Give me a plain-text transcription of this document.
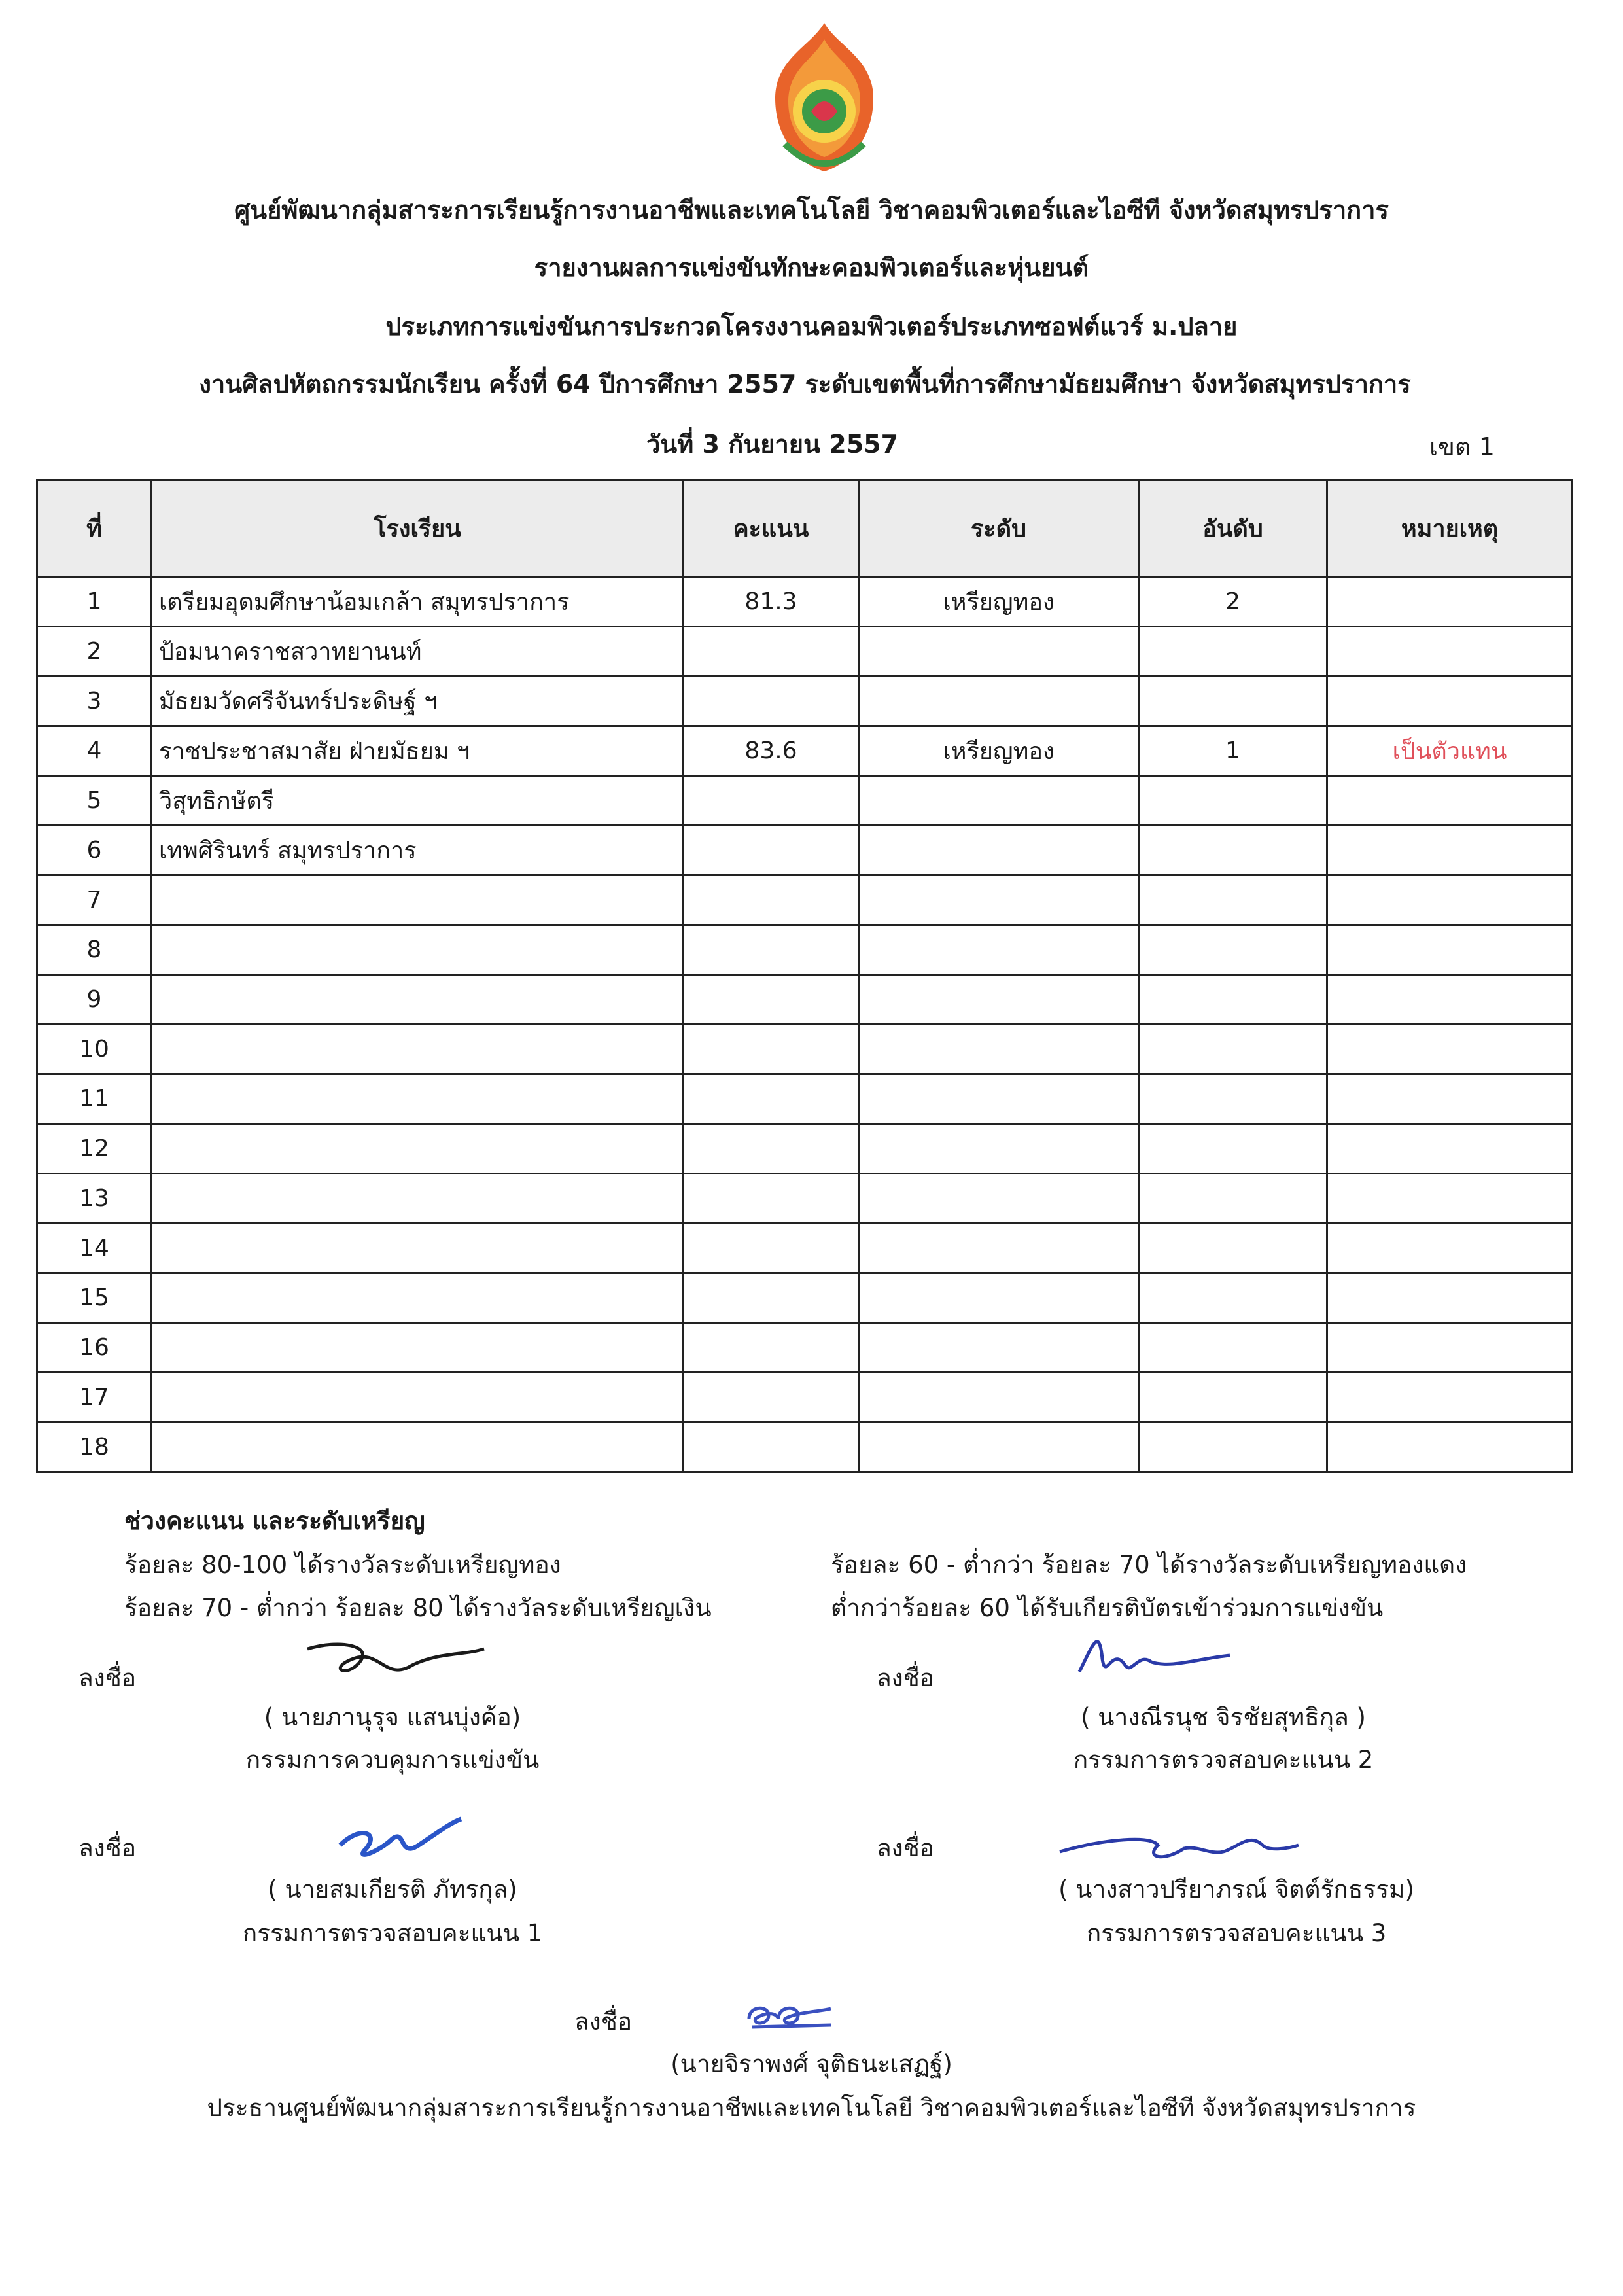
ศูนย์พัฒนากลุ่มสาระการเรียนรู้การงานอาชีพและเทคโนโลยี วิชาคอมพิวเตอร์และไอซีที จังหวัดสมุทรปราการ
รายงานผลการแข่งขันทักษะคอมพิวเตอร์และหุ่นยนต์
ประเภทการแข่งขันการประกวดโครงงานคอมพิวเตอร์ประเภทซอฟต์แวร์ ม.ปลาย
งานศิลปหัตถกรรมนักเรียน ครั้งที่ 64 ปีการศึกษา 2557 ระดับเขตพื้นที่การศึกษามัธยมศึกษา จังหวัดสมุทรปราการ
วันที่ 3 กันยายน 2557	เขต 1
ที่	โรงเรียน	คะแนน	ระดับ	อันดับ	หมายเหตุ
1	เตรียมอุดมศึกษาน้อมเกล้า สมุทรปราการ	81.3	เหรียญทอง	2	
2	ป้อมนาคราชสวาทยานนท์				
3	มัธยมวัดศรีจันทร์ประดิษฐ์ ฯ				
4	ราชประชาสมาสัย ฝ่ายมัธยม ฯ	83.6	เหรียญทอง	1	เป็นตัวแทน
5	วิสุทธิกษัตรี				
6	เทพศิรินทร์ สมุทรปราการ				
7					
8					
9					
10					
11					
12					
13					
14					
15					
16					
17					
18					
ช่วงคะแนน และระดับเหรียญ
ร้อยละ 80-100 ได้รางวัลระดับเหรียญทอง
ร้อยละ 70 - ต่ำกว่า ร้อยละ 80 ได้รางวัลระดับเหรียญเงิน
ร้อยละ 60 - ต่ำกว่า ร้อยละ 70 ได้รางวัลระดับเหรียญทองแดง
ต่ำกว่าร้อยละ 60 ได้รับเกียรติบัตรเข้าร่วมการแข่งขัน
ลงชื่อ
( นายภานุรุจ แสนบุ่งค้อ)
กรรมการควบคุมการแข่งขัน
ลงชื่อ
( นางณีรนุช จิรชัยสุทธิกุล )
กรรมการตรวจสอบคะแนน 2
ลงชื่อ
( นายสมเกียรติ ภัทรกุล)
กรรมการตรวจสอบคะแนน 1
ลงชื่อ
( นางสาวปรียาภรณ์ จิตต์รักธรรม)
กรรมการตรวจสอบคะแนน 3
ลงชื่อ
(นายจิราพงศ์ จุติธนะเสฏฐ์)
ประธานศูนย์พัฒนากลุ่มสาระการเรียนรู้การงานอาชีพและเทคโนโลยี วิชาคอมพิวเตอร์และไอซีที จังหวัดสมุทรปราการ
